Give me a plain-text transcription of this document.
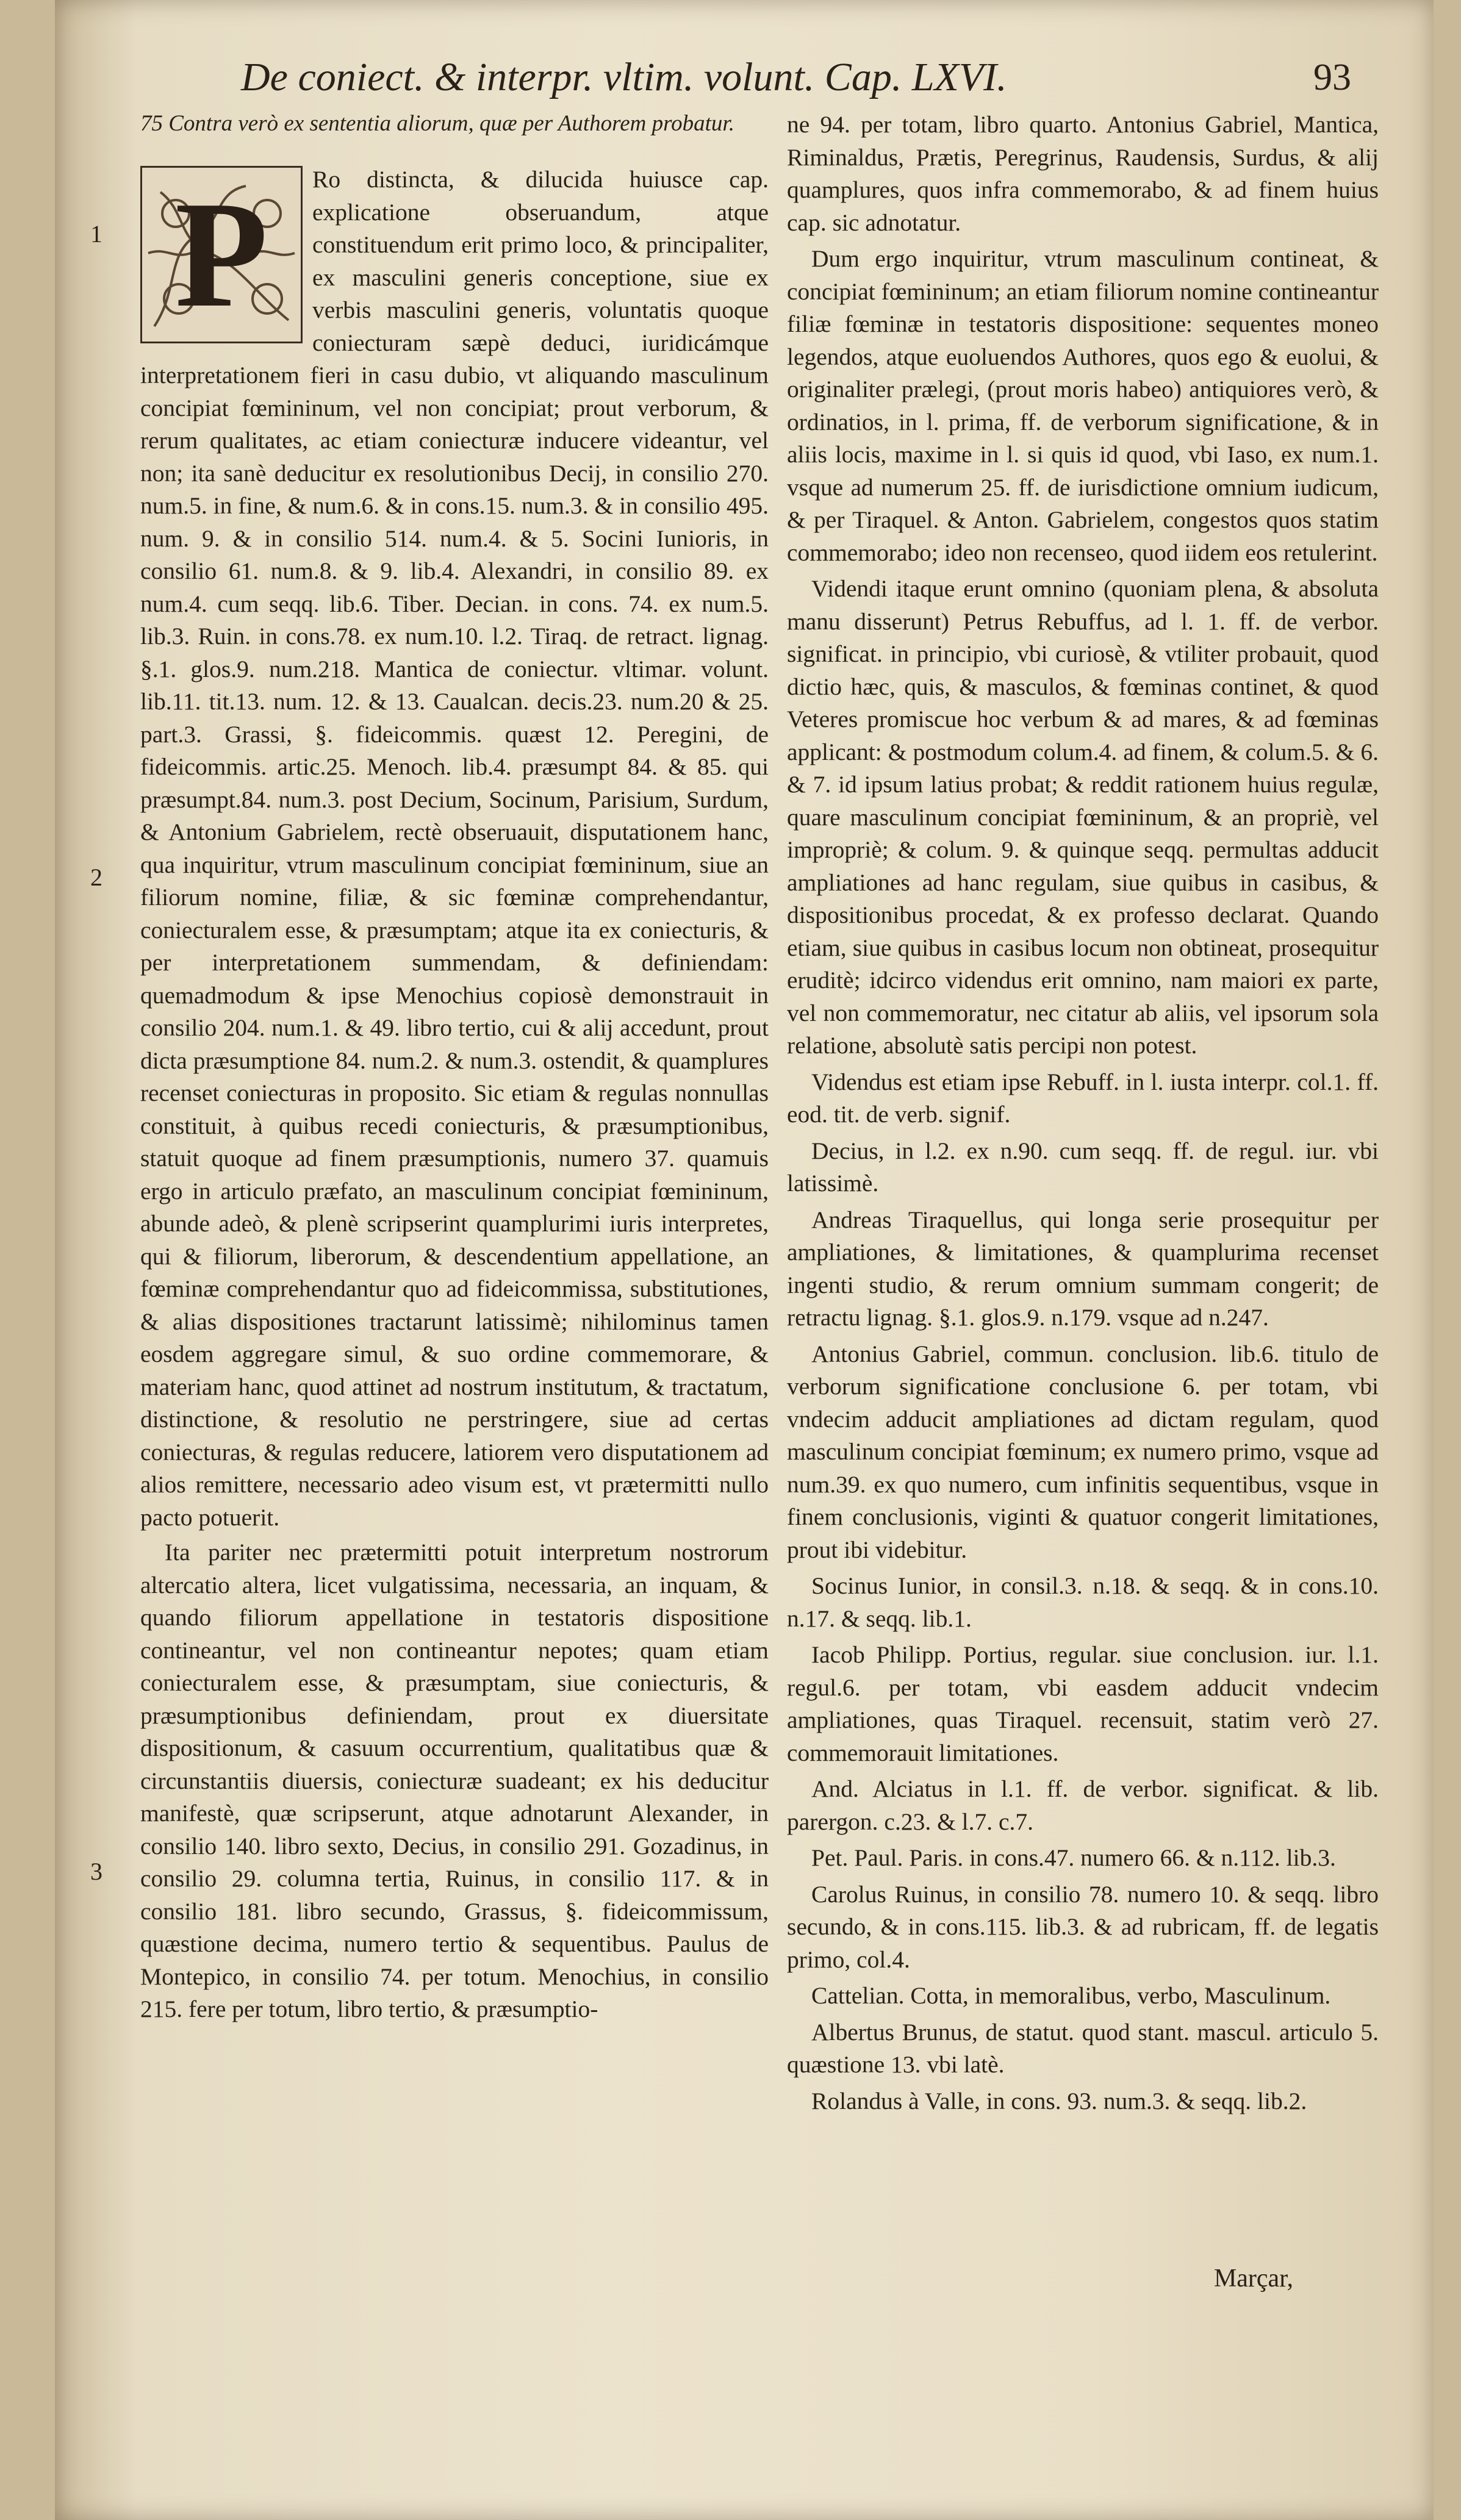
De coniect. & interpr. vltim. volunt. Cap. LXVI.	93
1
2
3

75 Contra verò ex sententia aliorum, quæ per Authorem probatur.

P Ro distincta, & dilucida huiusce cap. explicatione obseruandum, atque constituendum erit primo loco, & principaliter, ex masculini generis conceptione, siue ex verbis masculini generis, voluntatis quoque coniecturam sæpè deduci, iuridicámque interpretationem fieri in casu dubio, vt aliquando masculinum concipiat fœmininum, vel non concipiat; prout verborum, & rerum qualitates, ac etiam coniecturæ inducere videantur, vel non; ita sanè deducitur ex resolutionibus Decij, in consilio 270. num.5. in fine, & num.6. & in cons.15. num.3. & in consilio 495. num. 9. & in consilio 514. num.4. & 5. Socini Iunioris, in consilio 61. num.8. & 9. lib.4. Alexandri, in consilio 89. ex num.4. cum seqq. lib.6. Tiber. Decian. in cons. 74. ex num.5. lib.3. Ruin. in cons.78. ex num.10. l.2. Tiraq. de retract. lignag. §.1. glos.9. num.218. Mantica de coniectur. vltimar. volunt. lib.11. tit.13. num. 12. & 13. Caualcan. decis.23. num.20 & 25. part.3. Grassi, §. fideicommis. quæst 12. Peregini, de fideicommis. artic.25. Menoch. lib.4. præsumpt 84. & 85. qui præsumpt.84. num.3. post Decium, Socinum, Parisium, Surdum, & Antonium Gabrielem, rectè obseruauit, disputationem hanc, qua inquiritur, vtrum masculinum concipiat fœmininum, siue an filiorum nomine, filiæ, & sic fœminæ comprehendantur, coniecturalem esse, & præsumptam; atque ita ex coniecturis, & per interpretationem summendam, & definiendam: quemadmodum & ipse Menochius copiosè demonstrauit in consilio 204. num.1. & 49. libro tertio, cui & alij accedunt, prout dicta præsumptione 84. num.2. & num.3. ostendit, & quamplures recenset coniecturas in proposito. Sic etiam & regulas nonnullas constituit, à quibus recedi coniecturis, & præsumptionibus, statuit quoque ad finem præsumptionis, numero 37. quamuis ergo in articulo præfato, an masculinum concipiat fœmininum, abunde adeò, & plenè scripserint quamplurimi iuris interpretes, qui & filiorum, liberorum, & descendentium appellatione, an fœminæ comprehendantur quo ad fideicommissa, substitutiones, & alias dispositiones tractarunt latissimè; nihilominus tamen eosdem aggregare simul, & suo ordine commemorare, & materiam hanc, quod attinet ad nostrum institutum, & tractatum, distinctione, & resolutio ne perstringere, siue ad certas coniecturas, & regulas reducere, latiorem vero disputationem ad alios remittere, necessario adeo visum est, vt prætermitti nullo pacto potuerit.

Ita pariter nec prætermitti potuit interpretum nostrorum altercatio altera, licet vulgatissima, necessaria, an inquam, & quando filiorum appellatione in testatoris dispositione contineantur, vel non contineantur nepotes; quam etiam coniecturalem esse, & præsumptam, siue coniecturis, & præsumptionibus definiendam, prout ex diuersitate dispositionum, & casuum occurrentium, qualitatibus quæ & circunstantiis diuersis, coniecturæ suadeant; ex his deducitur manifestè, quæ scripserunt, atque adnotarunt Alexander, in consilio 140. libro sexto, Decius, in consilio 291. Gozadinus, in consilio 29. columna tertia, Ruinus, in consilio 117. & in consilio 181. libro secundo, Grassus, §. fideicommissum, quæstione decima, numero tertio & sequentibus. Paulus de Montepico, in consilio 74. per totum. Menochius, in consilio 215. fere per totum, libro tertio, & præsumptio-

ne 94. per totam, libro quarto. Antonius Gabriel, Mantica, Riminaldus, Prætis, Peregrinus, Raudensis, Surdus, & alij quamplures, quos infra commemorabo, & ad finem huius cap. sic adnotatur.

Dum ergo inquiritur, vtrum masculinum contineat, & concipiat fœmininum; an etiam filiorum nomine contineantur filiæ fœminæ in testatoris dispositione: sequentes moneo legendos, atque euoluendos Authores, quos ego & euolui, & originaliter prælegi, (prout moris habeo) antiquiores verò, & ordinatios, in l. prima, ff. de verborum significatione, & in aliis locis, maxime in l. si quis id quod, vbi Iaso, ex num.1. vsque ad numerum 25. ff. de iurisdictione omnium iudicum, & per Tiraquel. & Anton. Gabrielem, congestos quos statim commemorabo; ideo non recenseo, quod iidem eos retulerint.

Videndi itaque erunt omnino (quoniam plena, & absoluta manu disserunt) Petrus Rebuffus, ad l. 1. ff. de verbor. significat. in principio, vbi curiosè, & vtiliter probauit, quod dictio hæc, quis, & masculos, & fœminas continet, & quod Veteres promiscue hoc verbum & ad mares, & ad fœminas applicant: & postmodum colum.4. ad finem, & colum.5. & 6. & 7. id ipsum latius probat; & reddit rationem huius regulæ, quare masculinum concipiat fœmininum, & an propriè, vel impropriè; & colum. 9. & quinque seqq. permultas adducit ampliationes ad hanc regulam, siue quibus in casibus, & dispositionibus procedat, & ex professo declarat. Quando etiam, siue quibus in casibus locum non obtineat, prosequitur eruditè; idcirco videndus erit omnino, nam maiori ex parte, vel non commemoratur, nec citatur ab aliis, vel ipsorum sola relatione, absolutè satis percipi non potest.

Videndus est etiam ipse Rebuff. in l. iusta interpr. col.1. ff. eod. tit. de verb. signif.

Decius, in l.2. ex n.90. cum seqq. ff. de regul. iur. vbi latissimè.

Andreas Tiraquellus, qui longa serie prosequitur per ampliationes, & limitationes, & quamplurima recenset ingenti studio, & rerum omnium summam congerit; de retractu lignag. §.1. glos.9. n.179. vsque ad n.247.

Antonius Gabriel, commun. conclusion. lib.6. titulo de verborum significatione conclusione 6. per totam, vbi vndecim adducit ampliationes ad dictam regulam, quod masculinum concipiat fœminum; ex numero primo, vsque ad num.39. ex quo numero, cum infinitis sequentibus, vsque in finem conclusionis, viginti & quatuor congerit limitationes, prout ibi videbitur.

Socinus Iunior, in consil.3. n.18. & seqq. & in cons.10. n.17. & seqq. lib.1.

Iacob Philipp. Portius, regular. siue conclusion. iur. l.1. regul.6. per totam, vbi easdem adducit vndecim ampliationes, quas Tiraquel. recensuit, statim verò 27. commemorauit limitationes.

And. Alciatus in l.1. ff. de verbor. significat. & lib. parergon. c.23. & l.7. c.7.

Pet. Paul. Paris. in cons.47. numero 66. & n.112. lib.3.

Carolus Ruinus, in consilio 78. numero 10. & seqq. libro secundo, & in cons.115. lib.3. & ad rubricam, ff. de legatis primo, col.4.

Cattelian. Cotta, in memoralibus, verbo, Masculinum.

Albertus Brunus, de statut. quod stant. mascul. articulo 5. quæstione 13. vbi latè.

Rolandus à Valle, in cons. 93. num.3. & seqq. lib.2.

Marçar,
